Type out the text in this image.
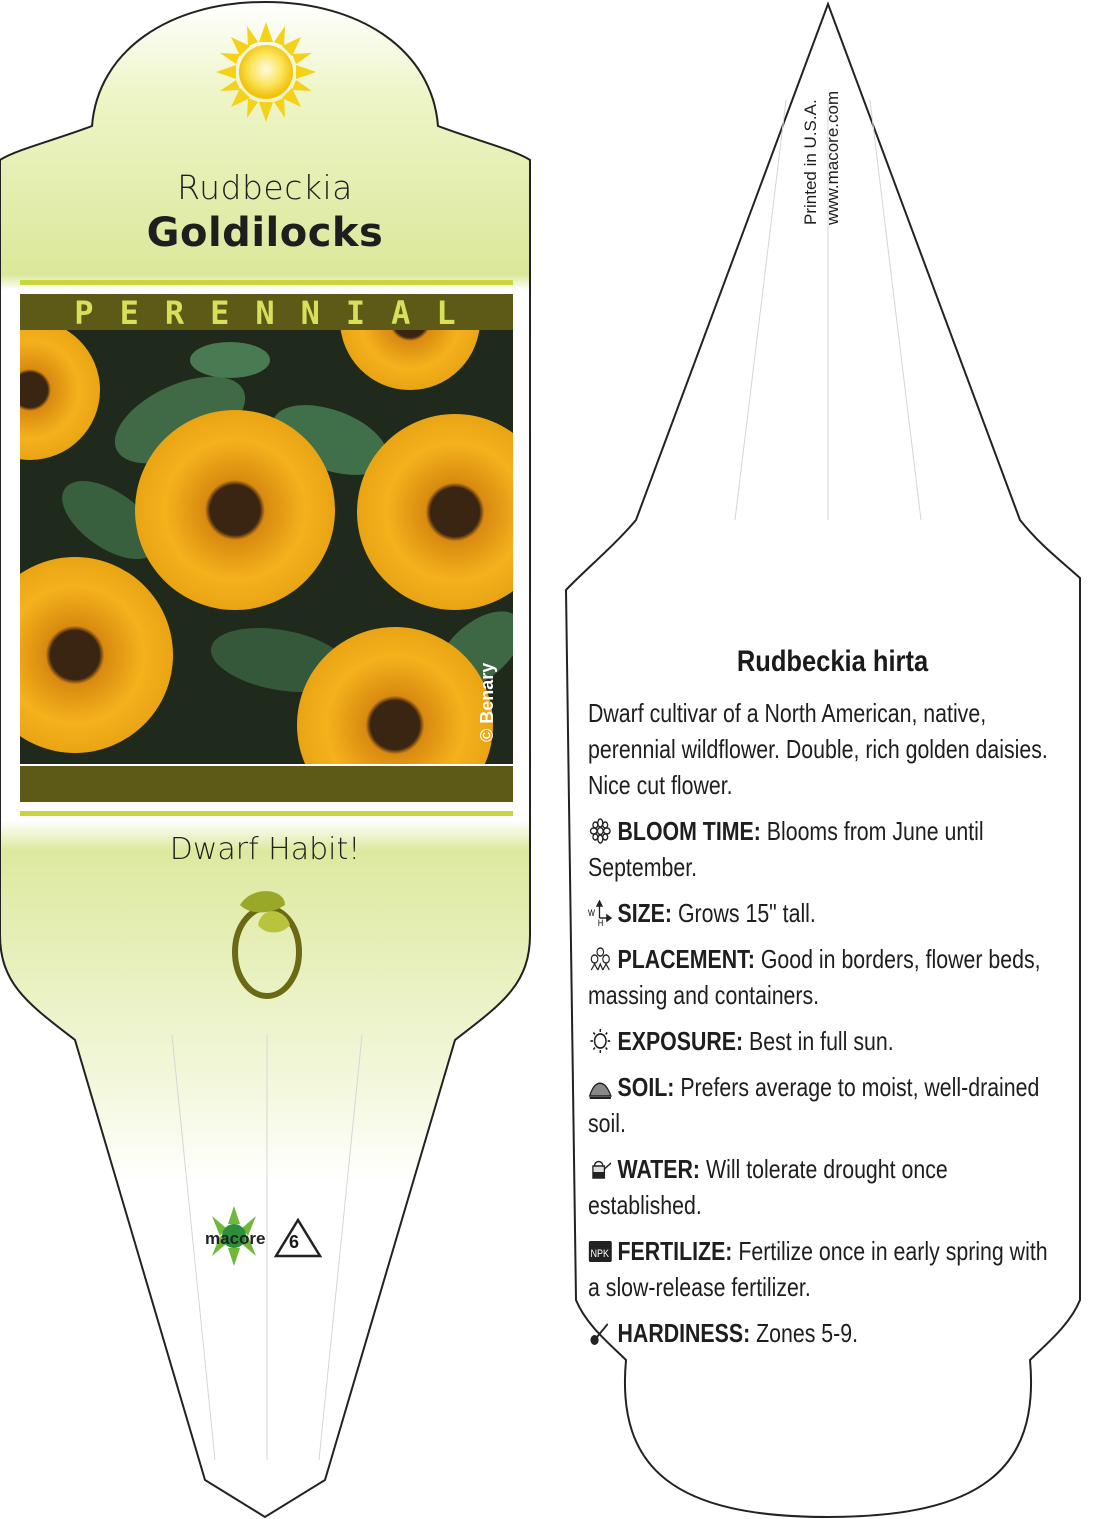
Rudbeckia
Goldilocks
PERENNIAL
© Benary
Dwarf Habit!
macore 6
Printed in U.S.A. www.macore.com
Rudbeckia hirta

Dwarf cultivar of a North American, native, perennial wildflower. Double, rich golden daisies. Nice cut flower.

BLOOM TIME: Blooms from June until September.

W
H SIZE: Grows 15" tall.

PLACEMENT: Good in borders, flower beds, massing and containers.

EXPOSURE: Best in full sun.

SOIL: Prefers average to moist, well-drained soil.

WATER: Will tolerate drought once established.

NPK FERTILIZE: Fertilize once in early spring with a slow-release fertilizer.

HARDINESS: Zones 5-9.
